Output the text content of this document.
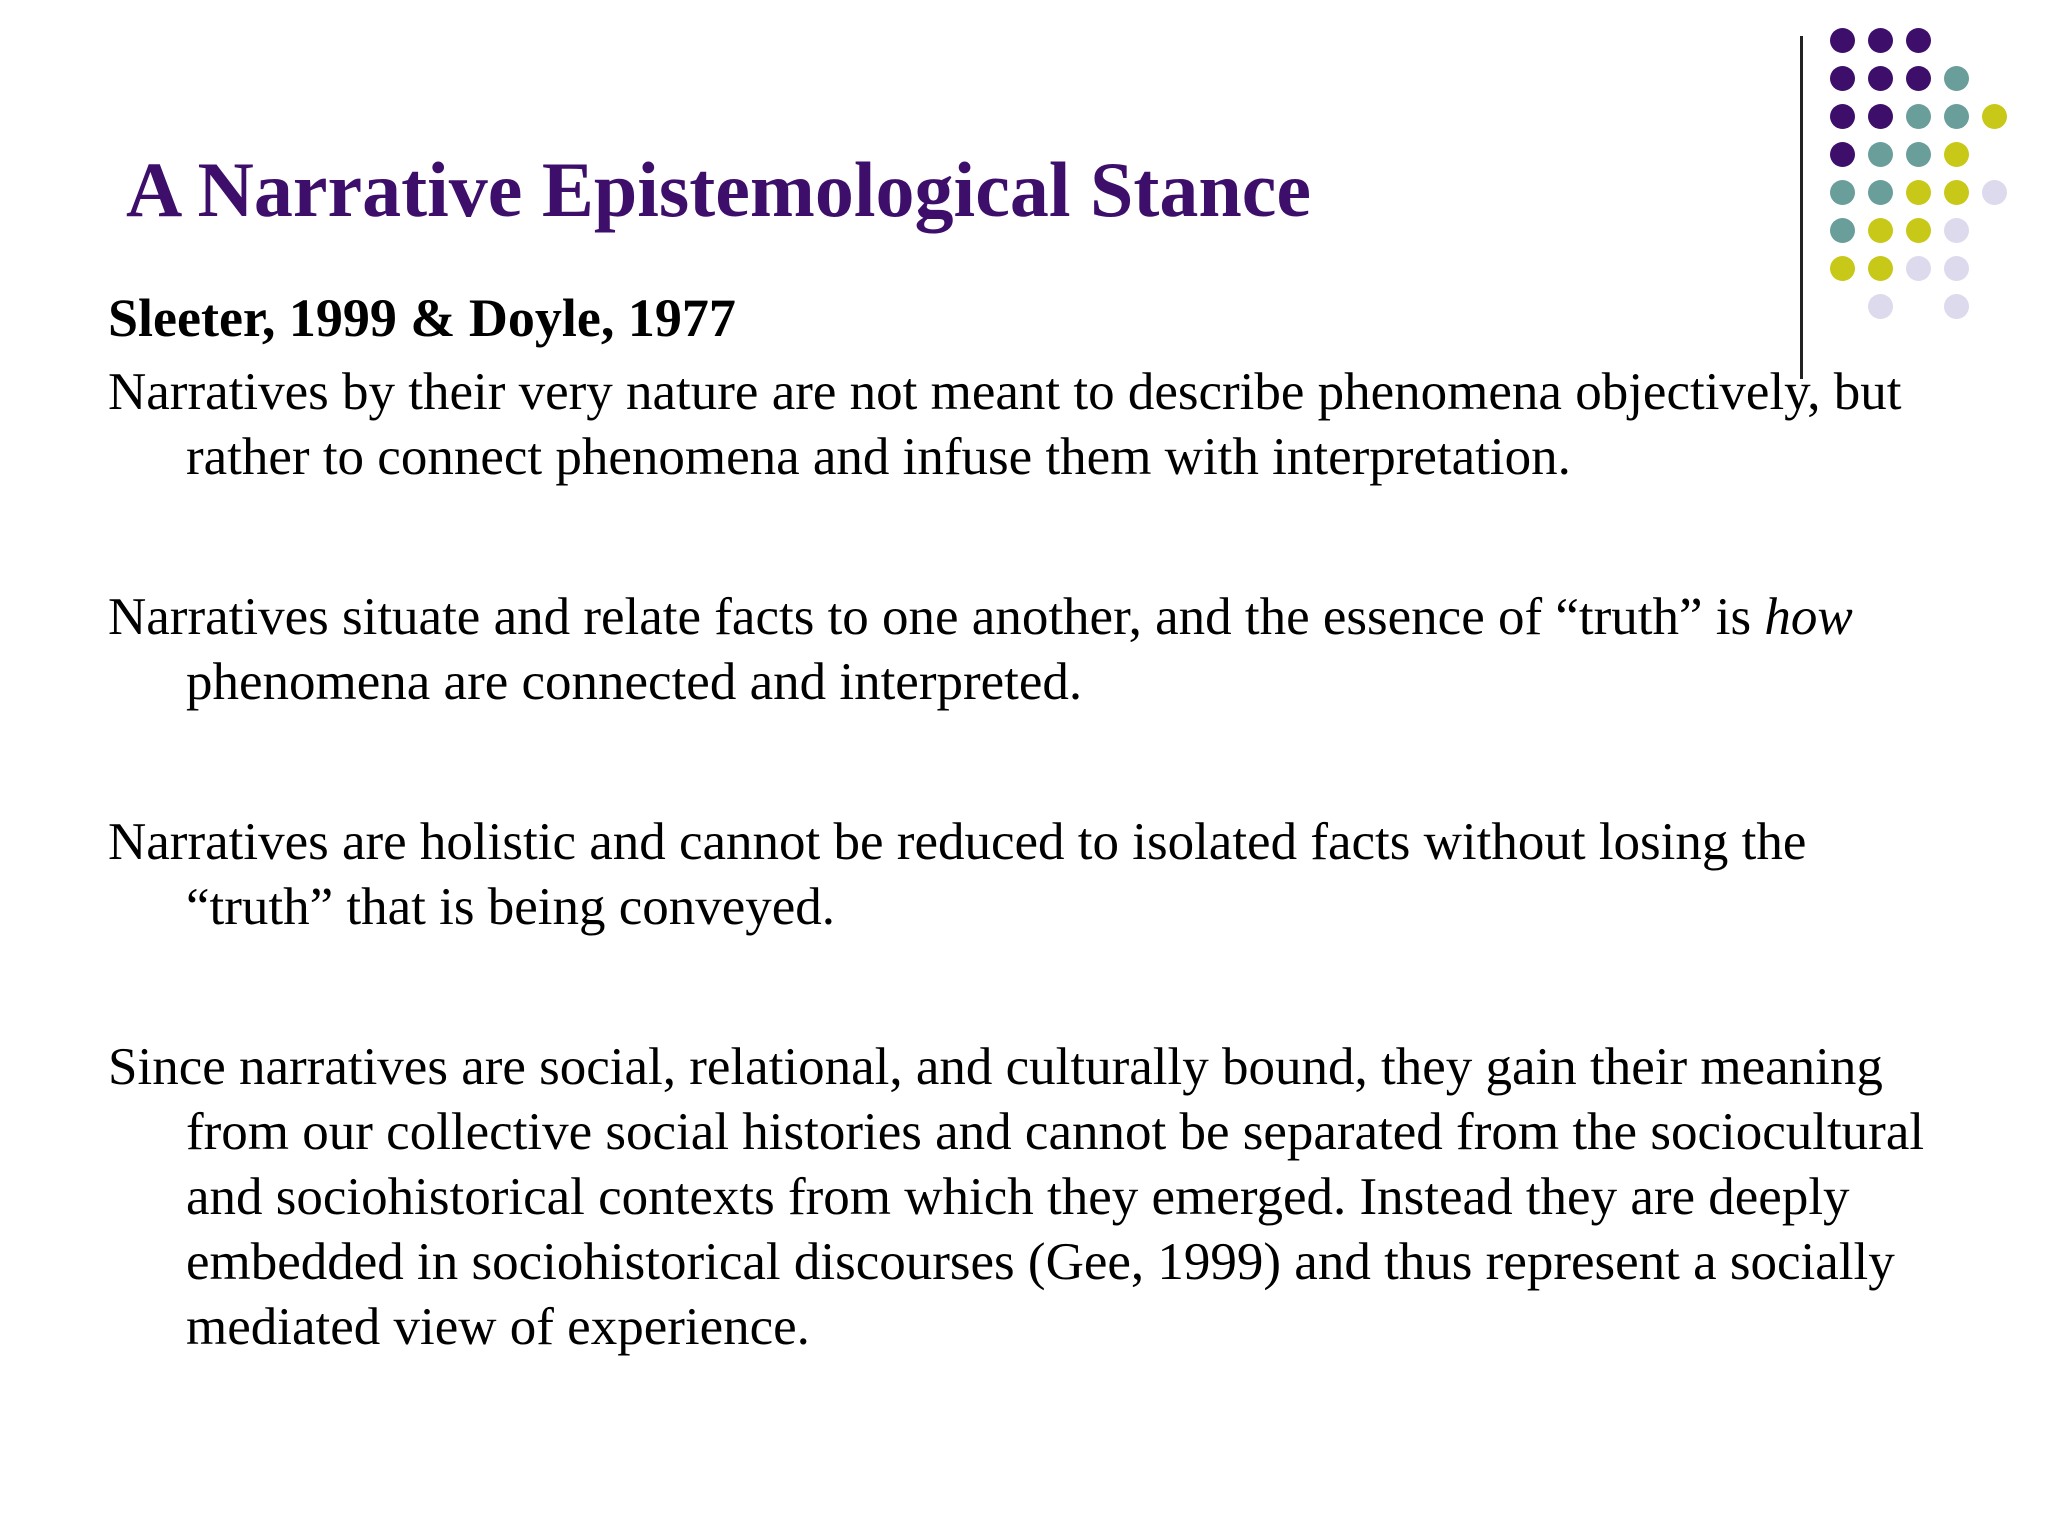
A Narrative Epistemological Stance
Sleeter, 1999 & Doyle, 1977

Narratives by their very nature are not meant to describe phenomena objectively, but rather to connect phenomena and infuse them with interpretation.

Narratives situate and relate facts to one another, and the essence of “truth” is how phenomena are connected and interpreted.

Narratives are holistic and cannot be reduced to isolated facts without losing the “truth” that is being conveyed.

Since narratives are social, relational, and culturally bound, they gain their meaning from our collective social histories and cannot be separated from the sociocultural and sociohistorical contexts from which they emerged. Instead they are deeply embedded in sociohistorical discourses (Gee, 1999) and thus represent a socially mediated view of experience.
